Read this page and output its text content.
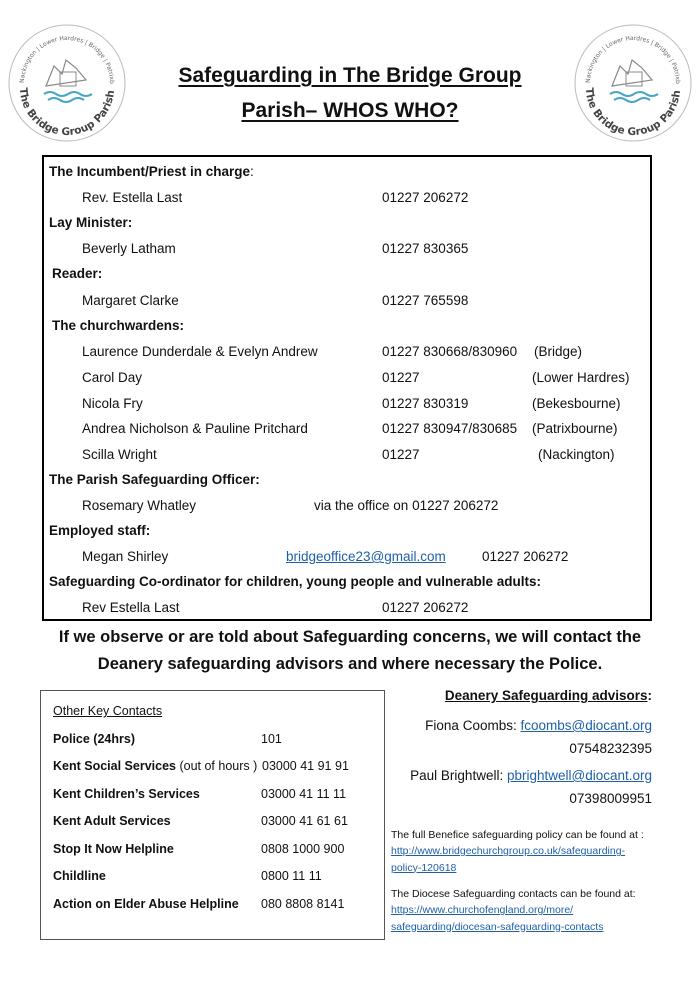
Nackington | Lower Hardres | Bridge | Patrixb
The Bridge Group Parish
Nackington | Lower Hardres | Bridge | Patrixb
The Bridge Group Parish
Safeguarding in The Bridge Group
Parish– WHOS WHO?
The Incumbent/Priest in charge:
Rev. Estella Last	01227 206272
Lay Minister:
Beverly Latham	01227 830365
Reader:
Margaret Clarke	01227 765598
The churchwardens:
Laurence Dunderdale & Evelyn Andrew	01227 830668/830960 (Bridge)
Carol Day	01227	(Lower Hardres)
Nicola Fry	01227 830319	(Bekesbourne)
Andrea Nicholson & Pauline Pritchard	01227 830947/830685 (Patrixbourne)
Scilla Wright	01227	(Nackington)
The Parish Safeguarding Officer:
Rosemary Whatley	via the office on 01227 206272
Employed staff:
Megan Shirley	bridgeoffice23@gmail.com	01227 206272
Safeguarding Co-ordinator for children, young people and vulnerable adults:
Rev Estella Last	01227 206272
If we observe or are told about Safeguarding concerns, we will contact the
Deanery safeguarding advisors and where necessary the Police.
Other Key Contacts
Police (24hrs)	101
Kent Social Services (out of hours ) 03000 41 91 91
Kent Children’s Services	03000 41 11 11
Kent Adult Services	03000 41 61 61
Stop It Now Helpline	0808 1000 900
Childline	0800 11 11
Action on Elder Abuse Helpline 080 8808 8141
Deanery Safeguarding advisors:
Fiona Coombs: fcoombs@diocant.org
07548232395
Paul Brightwell: pbrightwell@diocant.org
07398009951
The full Benefice safeguarding policy can be found at :
http://www.bridgechurchgroup.co.uk/safeguarding-
policy-120618
The Diocese Safeguarding contacts can be found at:
https://www.churchofengland.org/more/
safeguarding/diocesan-safeguarding-contacts
